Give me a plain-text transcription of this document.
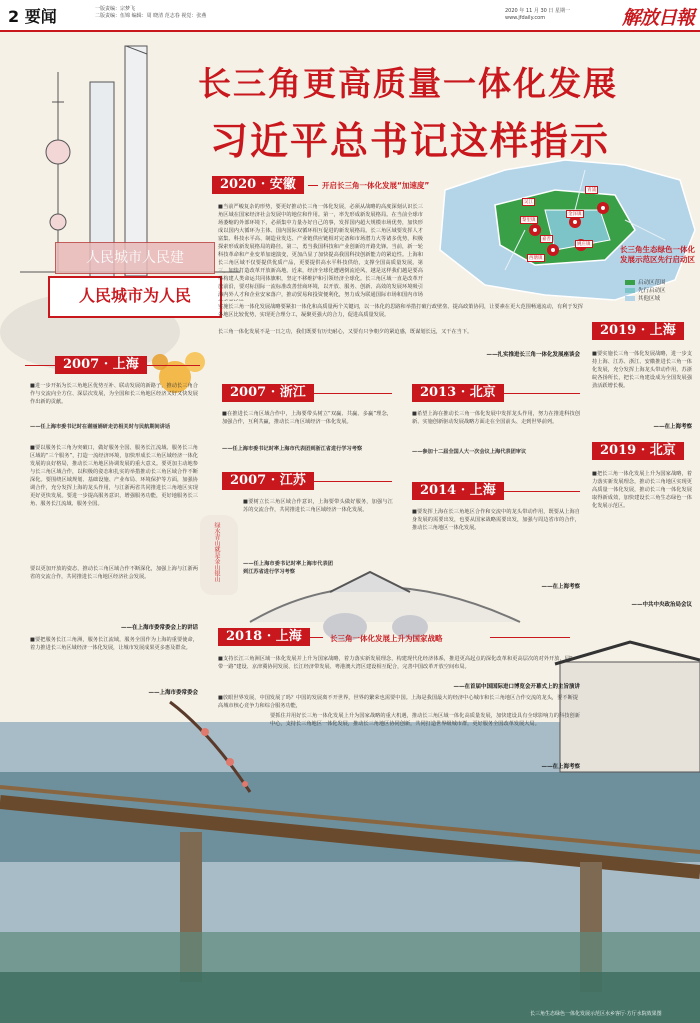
2 要闻	一版责编：宗梦飞
二版责编：伍锦 编辑：周 晓清 范志春 视觉：张燕
2020 年 11 月 30 日 星期一
www.jfdaily.com	解放日報
长三角更高质量一体化发展
习近平总书记这样指示
人民城市人民建
人民城市为人民
2020 · 安徽	开启长三角一体化发展“加速度”
■当前严峻复杂的形势，要更好推动长三角一体化发展，必须从战略的高度深刻认识长三角区域在国家经济社会发展中的地位和作用。第一，率先形成新发展格局。在当前全球市场萎缩的外部环境下，必须集中力量办好自己的事，发挥国内超大规模市场优势，加快形成以国内大循环为主体、国内国际双循环相互促进的新发展格局。长三角区域要发挥人才富集、科技水平高、制造业发达、产业链供应链相对完备和市场潜力大等诸多优势，积极探索形成新发展格局的路径。第二，勇当我国科技和产业创新的开路先锋。当前，新一轮科技革命和产业变革加速演变，更加凸显了加快提高我国科技创新能力的紧迫性。上海和长三角区域不仅要提供优质产品，更要提供高水平科技供给，支撑全国高质量发展。第三，加快打造改革开放新高地。近来，经济全球化遭遇倒流逆风，越是这样我们越是要高举构建人类命运共同体旗帜，坚定不移维护和引领经济全球化。长三角区域一直是改革开放前沿，要对标国际一流标准改善营商环境，以开放、服务、创新、高效的发展环境吸引海内外人才和企业安家落户，推动贸易和投资便利化，努力成为联通国际市场和国内市场
实施长三角一体化发展战略要紧扣一体化和高质量两个关键词，以一体化的思路和举措打破行政壁垒、提高政策协同，让要素在更大范围畅通流动，有利于发挥各地区比较优势，实现更合理分工，凝聚更强大的合力，促进高质量发展。
长三角一体化发展不是一日之功，我们既要有历史耐心，又要有只争朝夕的紧迫感，既谋划长远，又干在当下。
——扎实推进长三角一体化发展座谈会
吴江
嘉善
青浦
金泽镇
黎里镇
西塘镇
姚庄镇
长三角生态绿色一体化发展示范区先行启动区
启动区范围
先行启动区
其他区域
2007 · 上海
■进一步开拓为长三角地区优势互补、联动发展的新路子，推动长三角合作与交流向全方位、深层次发展，为全国和长三角地区经济又好又快发展作出新的贡献。
——任上海市委书记时在谢丽娟研走访相关时与民航期间讲话
■要以服务长三角为突破口，做好服务全国、服务长江流域、服务长三角区域的“三个服务”，打造一流经济环境，加快形成长三角区域经济一体化发展的良好格局，推动长三角地区协调发展的重大意义。要更加主动地参与长三角区域合作，以积极的姿态和扎实的举措推动长三角区域合作不断深化。要围绕区域规划、基础设施、产业布局、环境保护等方面，加强协调合作，充分发挥上海的龙头作用，与江浙两省共同推进长三角地区实现更好更快发展。要进一步提高服务意识，增强服务功能，更好地服务长三角、服务长江流域、服务全国。
要以更加开放的姿态，推动长三角区域合作不断深化，加强上海与江浙两省的交流合作，共同推进长三角地区经济社会发展。
——在上海市委常委会上的讲话
■要把服务长江三角洲，服务长江流域，服务全国作为上海的重要使命，着力推进长三角区域经济一体化发展，让城市发展成果更多惠及群众。
——上海市委常委会
2007 · 浙江
■在推进长三角区域合作中，上海要带头树立“双赢、共赢、多赢”理念，加强合作，互利共赢，推动长三角区域经济一体化发展。
——任上海市委书记时率上海市代表团到浙江省进行学习考察
2007 · 江苏
■要树立长三角区域合作意识，上海要带头做好服务，加强与江苏的交流合作，共同推进长三角区域经济一体化发展。
——任上海市委书记时率上海市代表团到江苏省进行学习考察
绿水青山就是金山银山
2013 · 北京
■希望上海在推动长三角一体化发展中发挥龙头作用，努力在推进科技创新、实施创新驱动发展战略方面走在全国前头、走到世界前列。
——参加十二届全国人大一次会议上海代表团审议
2014 · 上海
■要发挥上海在长三角地区合作和交流中的龙头带动作用，既要从上海自身发展的需要出发，也要从国家战略需要出发，加强与周边省市的合作，推动长三角地区一体化发展。
——在上海考察
2019 · 上海
■要实施长三角一体化发展战略，进一步支持上海、江苏、浙江、安徽推进长三角一体化发展，充分发挥上海龙头带动作用，苏浙皖各扬所长，把长三角建设成为全国发展强劲活跃增长极。
——在上海考察
2019 · 北京
■把长三角一体化发展上升为国家战略，着力落实新发展理念，推动长三角地区实现更高质量一体化发展，推动长三角一体化发展取得新成效，加快建设长三角生态绿色一体化发展示范区。
——中共中央政治局会议
2018 · 上海	长三角一体化发展上升为国家战略
■支持长江三角洲区域一体化发展并上升为国家战略，着力落实新发展理念，构建现代化经济体系，推进更高起点的深化改革和更高层次的对外开放，同“一带一路”建设、京津冀协同发展、长江经济带发展、粤港澳大湾区建设相互配合，完善中国改革开放空间布局。
——在首届中国国际进口博览会开幕式上的主旨演讲
■放眼世界发展，中国发展了吗？中国的发展离不开世界，世界的繁荣也需要中国。上海是我国最大的经济中心城市和长三角地区合作交流的龙头，要不断提高城市核心竞争力和综合服务功能，
要抓住并用好长三角一体化发展上升为国家战略的重大机遇，推动长三角区域一体化高质量发展，加快建设具有全球影响力的科技创新中心，支持长三角地区一体化发展，推动长三角地区协同创新，共同打造世界级城市群，更好服务全国改革发展大局。
——在上海考察
长三角生态绿色一体化发展示范区水乡客厅·方厅水院效果图
